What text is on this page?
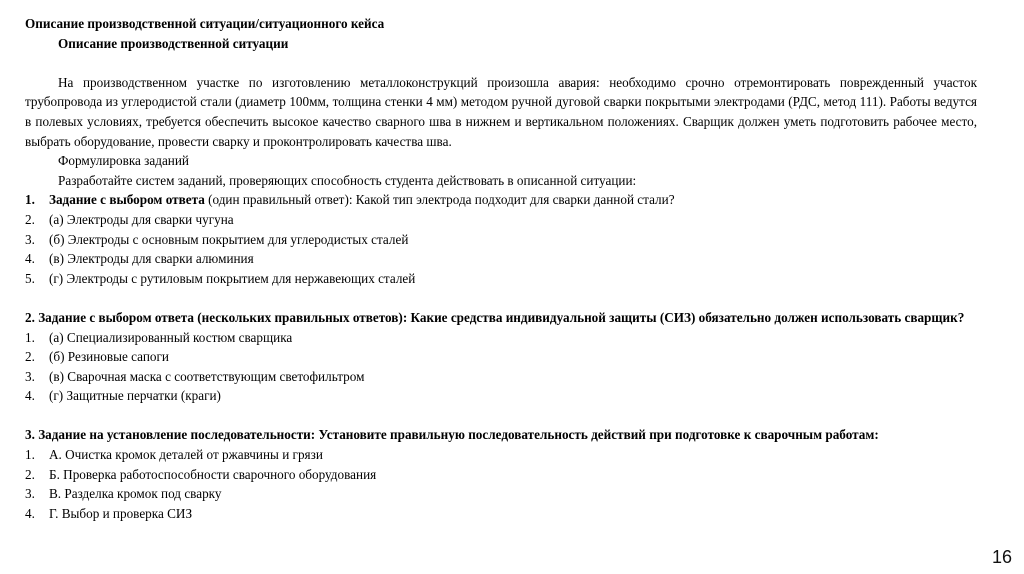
Описание производственной ситуации/ситуационного кейса
Описание производственной ситуации
На производственном участке по изготовлению металлоконструкций произошла авария: необходимо срочно отремонтировать поврежденный участок трубопровода из углеродистой стали (диаметр 100мм, толщина стенки 4 мм) методом ручной дуговой сварки покрытыми электродами (РДС, метод 111). Работы ведутся в полевых условиях, требуется обеспечить высокое качество сварного шва в нижнем и вертикальном положениях. Сварщик должен уметь подготовить рабочее место, выбрать оборудование, провести сварку и проконтролировать качества шва.
Формулировка заданий
Разработайте систем заданий, проверяющих способность студента действовать в описанной ситуации:
1.	Задание с выбором ответа (один правильный ответ): Какой тип электрода подходит для сварки данной стали?
2.	(а) Электроды для сварки чугуна
3.	(б) Электроды с основным покрытием для углеродистых сталей
4.	(в) Электроды для сварки алюминия
5.	(г) Электроды с рутиловым покрытием для нержавеющих сталей
2. Задание с выбором ответа (нескольких правильных ответов): Какие средства индивидуальной защиты (СИЗ) обязательно должен использовать сварщик?
1.	(а) Специализированный костюм сварщика
2.	(б) Резиновые сапоги
3.	(в) Сварочная маска с соответствующим светофильтром
4.	(г) Защитные перчатки (краги)
3. Задание на установление последовательности: Установите правильную последовательность действий при подготовке к сварочным работам:
1.	А. Очистка кромок деталей от ржавчины и грязи
2.	Б. Проверка работоспособности сварочного оборудования
3.	В. Разделка кромок под сварку
4.	Г. Выбор и проверка СИЗ
16
